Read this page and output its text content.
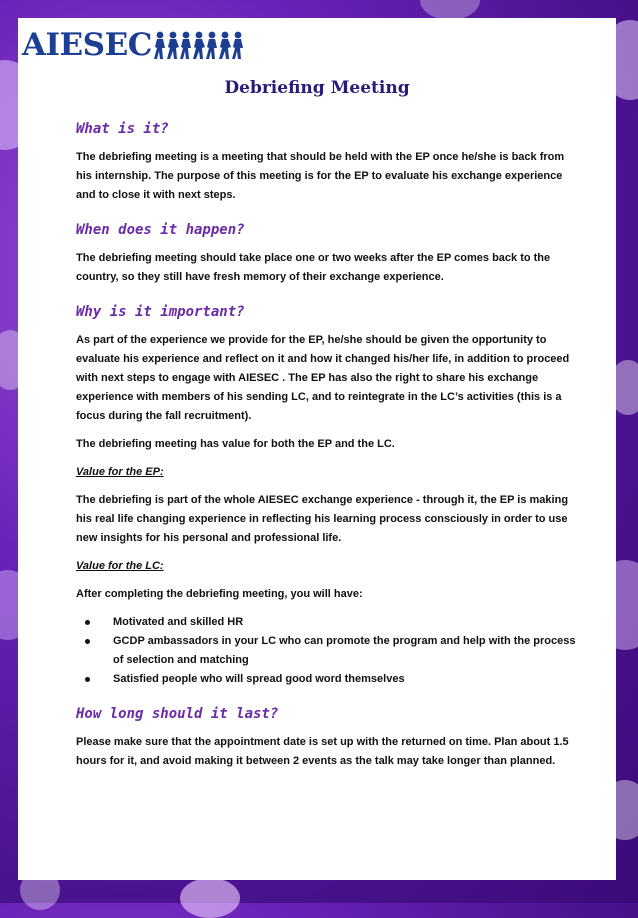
AIESEC
Debriefing Meeting
What is it?
The debriefing meeting is a meeting that should be held with the EP once he/she is back from his internship. The purpose of this meeting is for the EP to evaluate his exchange experience and to close it with next steps.
When does it happen?
The debriefing meeting should take place one or two weeks after the EP comes back to the country, so they still have fresh memory of their exchange experience.
Why is it important?
As part of the experience we provide for the EP, he/she should be given the opportunity to evaluate his experience and reflect on it and how it changed his/her life, in addition to proceed with next steps to engage with AIESEC . The EP has also the right to share his exchange experience with members of his sending LC, and to reintegrate in the LC’s activities (this is a focus during the fall recruitment).
The debriefing meeting has value for both the EP and the LC.
Value for the EP:
The debriefing is part of the whole AIESEC exchange experience - through it, the EP is making his real life changing experience in reflecting his learning process consciously in order to use new insights for his personal and professional life.
Value for the LC:
After completing the debriefing meeting, you will have:
Motivated and skilled HR
GCDP ambassadors in your LC who can promote the program and help with the process of selection and matching
Satisfied people who will spread good word themselves
How long should it last?
Please make sure that the appointment date is set up with the returned on time. Plan about 1.5 hours for it, and avoid making it between 2 events as the talk may take longer than planned.
